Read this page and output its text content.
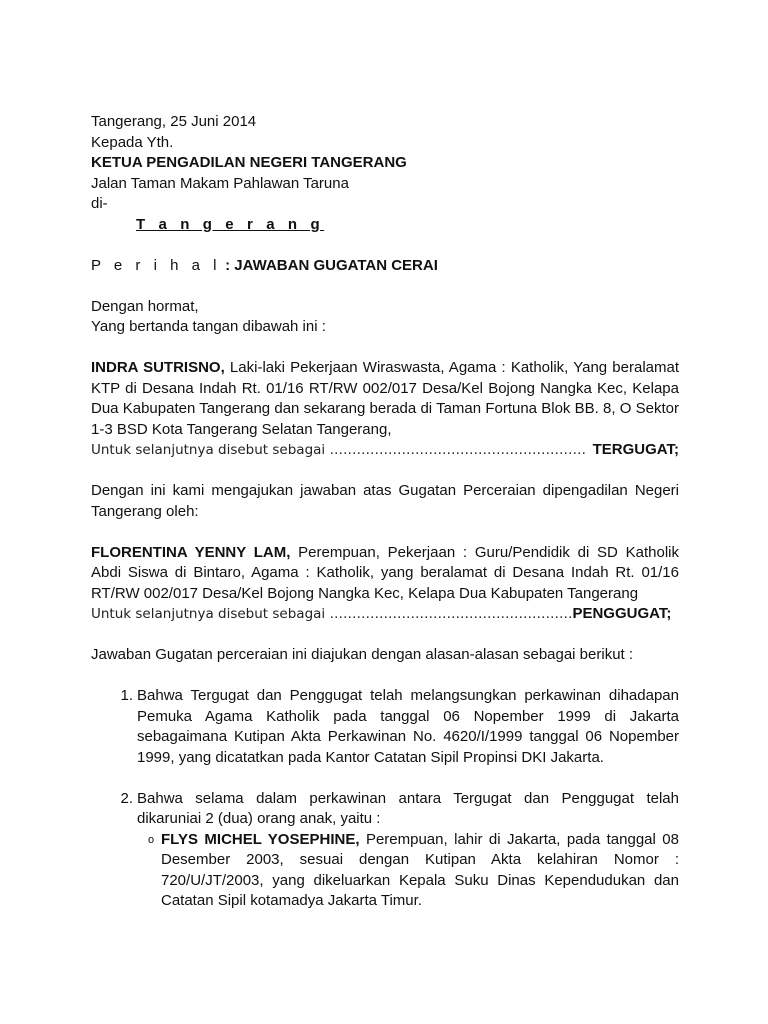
Tangerang, 25 Juni 2014

Kepada Yth.

KETUA PENGADILAN NEGERI TANGERANG

Jalan Taman Makam Pahlawan Taruna

di-

T a n g e r a n g

P e r i h a l : JAWABAN GUGATAN CERAI

Dengan hormat,

Yang bertanda tangan dibawah ini :

INDRA SUTRISNO, Laki-laki Pekerjaan Wiraswasta, Agama : Katholik, Yang beralamat KTP di Desana Indah Rt. 01/16 RT/RW 002/017 Desa/Kel Bojong Nangka Kec, Kelapa Dua Kabupaten Tangerang dan sekarang berada di Taman Fortuna Blok BB. 8, O Sektor 1-3 BSD Kota Tangerang Selatan Tangerang,

Untuk selanjutnya disebut sebagai ………………………………………………… TERGUGAT;

Dengan ini kami mengajukan jawaban atas Gugatan Perceraian dipengadilan Negeri Tangerang oleh:

FLORENTINA YENNY LAM, Perempuan, Pekerjaan : Guru/Pendidik di SD Katholik Abdi Siswa di Bintaro, Agama : Katholik, yang beralamat di Desana Indah Rt. 01/16 RT/RW 002/017 Desa/Kel Bojong Nangka Kec, Kelapa Dua Kabupaten Tangerang

Untuk selanjutnya disebut sebagai ……………………………………………… PENGGUGAT;

Jawaban Gugatan perceraian ini diajukan dengan alasan-alasan sebagai berikut :

1. Bahwa Tergugat dan Penggugat telah melangsungkan perkawinan dihadapan Pemuka Agama Katholik pada tanggal 06 Nopember 1999 di Jakarta sebagaimana Kutipan Akta Perkawinan No. 4620/I/1999 tanggal 06 Nopember 1999, yang dicatatkan pada Kantor Catatan Sipil Propinsi DKI Jakarta.

2. Bahwa selama dalam perkawinan antara Tergugat dan Penggugat telah dikaruniai 2 (dua) orang anak, yaitu :

o FLYS MICHEL YOSEPHINE, Perempuan, lahir di Jakarta, pada tanggal 08 Desember 2003, sesuai dengan Kutipan Akta kelahiran Nomor : 720/U/JT/2003, yang dikeluarkan Kepala Suku Dinas Kependudukan dan Catatan Sipil kotamadya Jakarta Timur.
